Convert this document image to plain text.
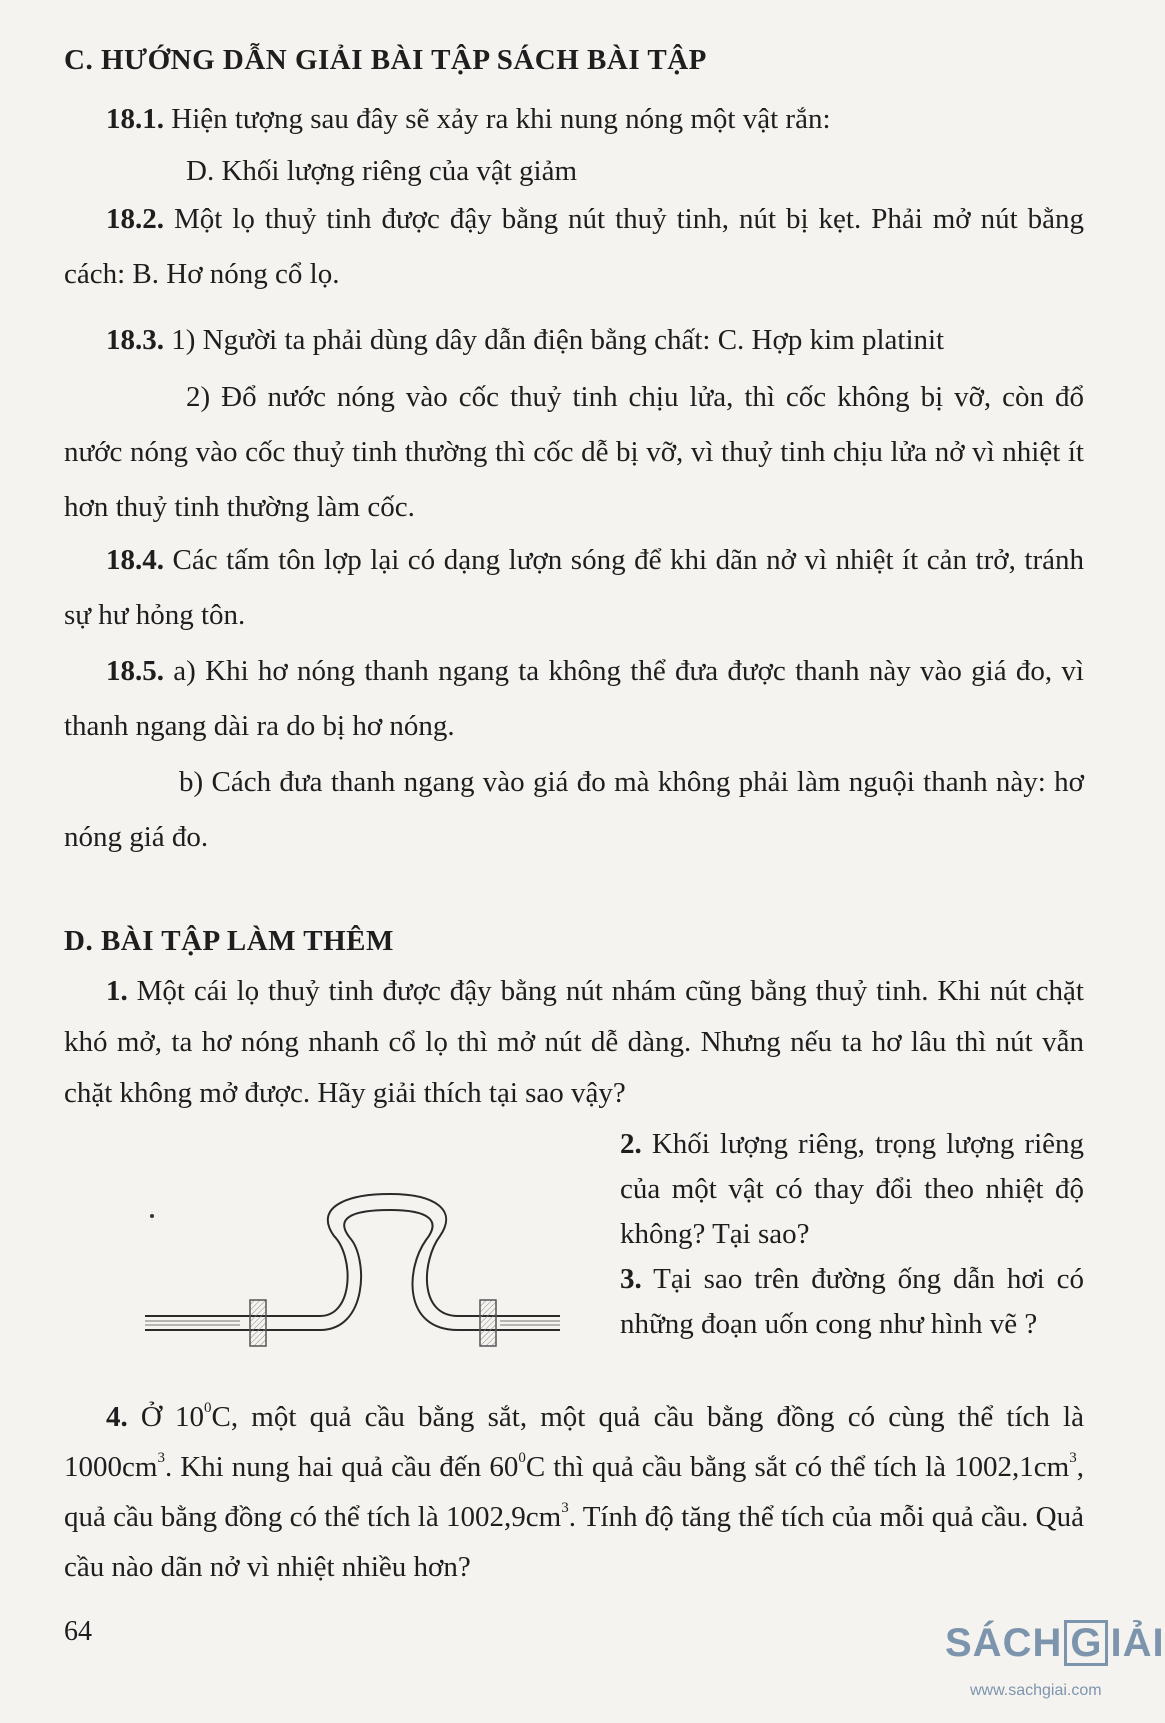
C. HƯỚNG DẪN GIẢI BÀI TẬP SÁCH BÀI TẬP
18.1. Hiện tượng sau đây sẽ xảy ra khi nung nóng một vật rắn:
D. Khối lượng riêng của vật giảm
18.2. Một lọ thuỷ tinh được đậy bằng nút thuỷ tinh, nút bị kẹt. Phải mở nút bằng cách: B. Hơ nóng cổ lọ.
18.3. 1) Người ta phải dùng dây dẫn điện bằng chất: C. Hợp kim platinit
2) Đổ nước nóng vào cốc thuỷ tinh chịu lửa, thì cốc không bị vỡ, còn đổ nước nóng vào cốc thuỷ tinh thường thì cốc dễ bị vỡ, vì thuỷ tinh chịu lửa nở vì nhiệt ít hơn thuỷ tinh thường làm cốc.
18.4. Các tấm tôn lợp lại có dạng lượn sóng để khi dãn nở vì nhiệt ít cản trở, tránh sự hư hỏng tôn.
18.5. a) Khi hơ nóng thanh ngang ta không thể đưa được thanh này vào giá đo, vì thanh ngang dài ra do bị hơ nóng.
b) Cách đưa thanh ngang vào giá đo mà không phải làm nguội thanh này: hơ nóng giá đo.
D. BÀI TẬP LÀM THÊM
1. Một cái lọ thuỷ tinh được đậy bằng nút nhám cũng bằng thuỷ tinh. Khi nút chặt khó mở, ta hơ nóng nhanh cổ lọ thì mở nút dễ dàng. Nhưng nếu ta hơ lâu thì nút vẫn chặt không mở được. Hãy giải thích tại sao vậy?

2. Khối lượng riêng, trọng lượng riêng của một vật có thay đổi theo nhiệt độ không? Tại sao?

3. Tại sao trên đường ống dẫn hơi có những đoạn uốn cong như hình vẽ ?

4. Ở $10^0C$, một quả cầu bằng sắt, một quả cầu bằng đồng có cùng thể tích là $1000cm^3$. Khi nung hai quả cầu đến $60^0C$ thì quả cầu bằng sắt có thể tích là $1002,1cm^3$, quả cầu bằng đồng có thể tích là $1002,9cm^3$. Tính độ tăng thể tích của mỗi quả cầu. Quả cầu nào dãn nở vì nhiệt nhiều hơn?
64	SÁCH G IẢI
www.sachgiai.com
